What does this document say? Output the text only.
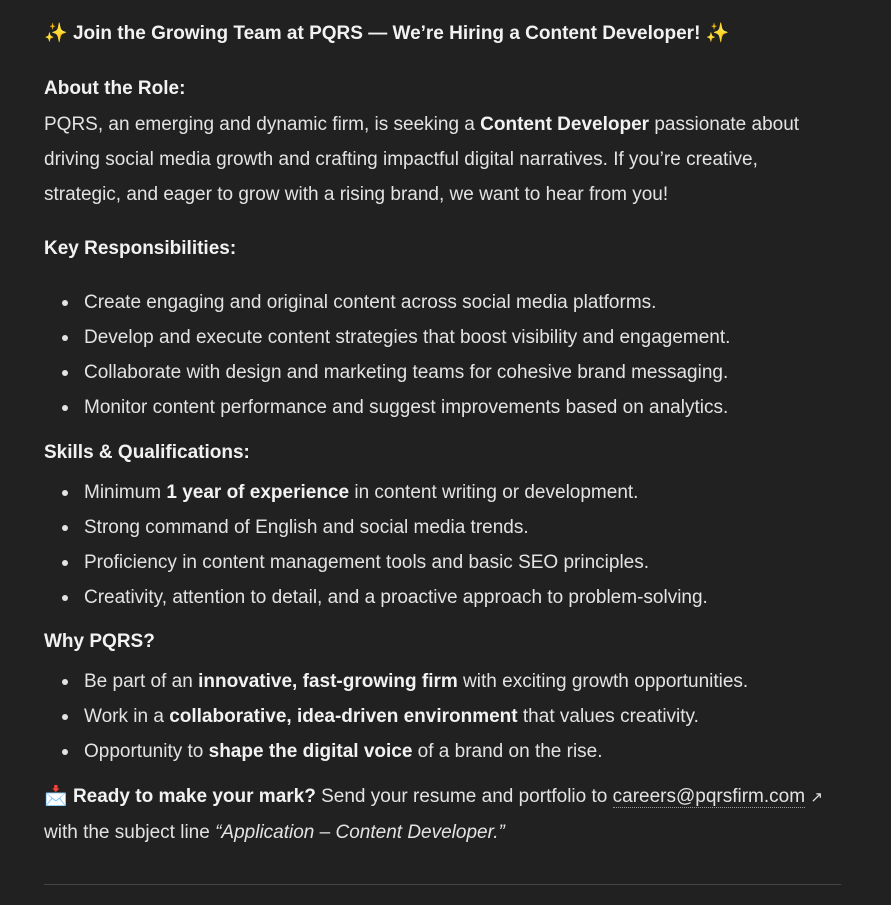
✨ Join the Growing Team at PQRS — We’re Hiring a Content Developer! ✨
About the Role:
PQRS, an emerging and dynamic firm, is seeking a Content Developer passionate about driving social media growth and crafting impactful digital narratives. If you’re creative, strategic, and eager to grow with a rising brand, we want to hear from you!
Key Responsibilities:
Create engaging and original content across social media platforms.
Develop and execute content strategies that boost visibility and engagement.
Collaborate with design and marketing teams for cohesive brand messaging.
Monitor content performance and suggest improvements based on analytics.
Skills & Qualifications:
Minimum 1 year of experience in content writing or development.
Strong command of English and social media trends.
Proficiency in content management tools and basic SEO principles.
Creativity, attention to detail, and a proactive approach to problem-solving.
Why PQRS?
Be part of an innovative, fast-growing firm with exciting growth opportunities.
Work in a collaborative, idea-driven environment that values creativity.
Opportunity to shape the digital voice of a brand on the rise.
📩 Ready to make your mark? Send your resume and portfolio to careers@pqrsfirm.com ↗ with the subject line “Application – Content Developer.”
